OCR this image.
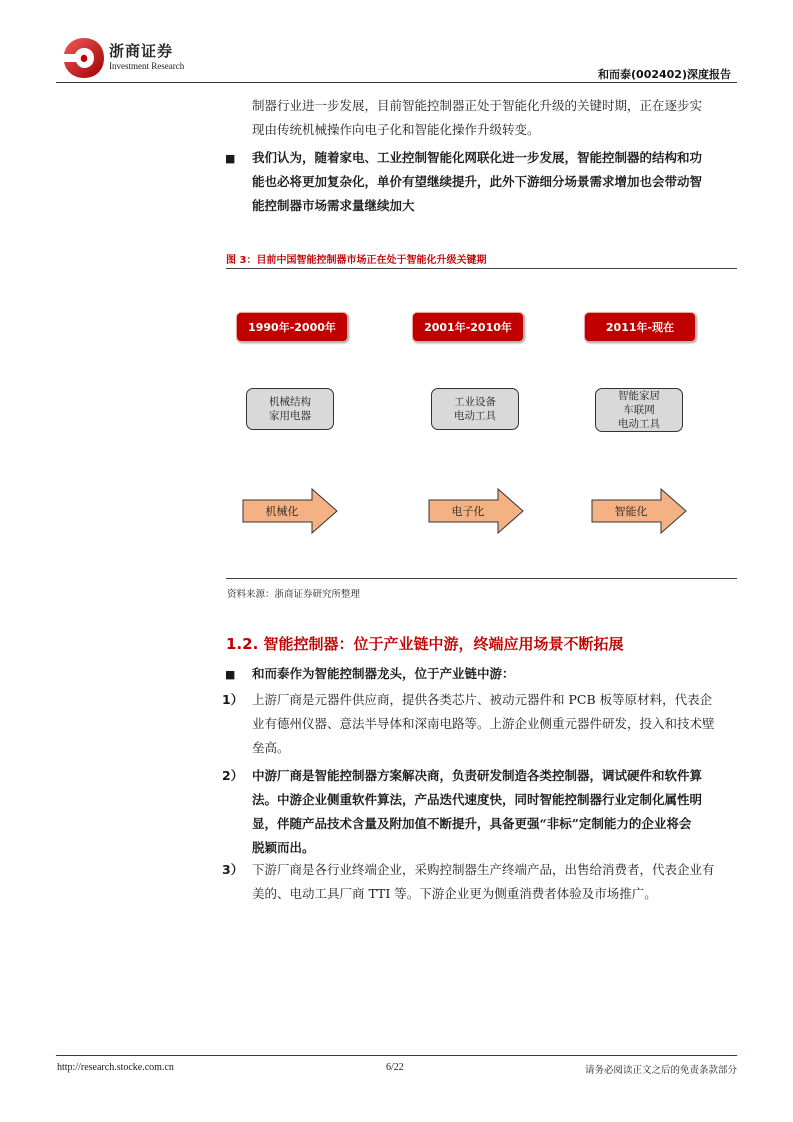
浙商证券
Investment Research
和而泰(002402)深度报告
制器行业进一步发展，目前智能控制器正处于智能化升级的关键时期，正在逐步实
现由传统机械操作向电子化和智能化操作升级转变。
■ 我们认为，随着家电、工业控制智能化网联化进一步发展，智能控制器的结构和功
能也必将更加复杂化，单价有望继续提升，此外下游细分场景需求增加也会带动智
能控制器市场需求量继续加大
图 3：目前中国智能控制器市场正在处于智能化升级关键期
1990年-2000年	2001年-2010年	2011年-现在
机械结构
家用电器
工业设备
电动工具
智能家居
车联网
电动工具
机械化	电子化	智能化
资料来源：浙商证券研究所整理
1.2. 智能控制器：位于产业链中游，终端应用场景不断拓展
■ 和而泰作为智能控制器龙头，位于产业链中游：
1） 上游厂商是元器件供应商，提供各类芯片、被动元器件和 PCB 板等原材料，代表企
业有德州仪器、意法半导体和深南电路等。上游企业侧重元器件研发，投入和技术壁
垒高。
2） 中游厂商是智能控制器方案解决商，负责研发制造各类控制器，调试硬件和软件算
法。中游企业侧重软件算法，产品迭代速度快，同时智能控制器行业定制化属性明
显，伴随产品技术含量及附加值不断提升，具备更强“非标”定制能力的企业将会
脱颖而出。
3） 下游厂商是各行业终端企业，采购控制器生产终端产品，出售给消费者，代表企业有
美的、电动工具厂商 TTI 等。下游企业更为侧重消费者体验及市场推广。
http://research.stocke.com.cn	6/22	请务必阅读正文之后的免责条款部分
